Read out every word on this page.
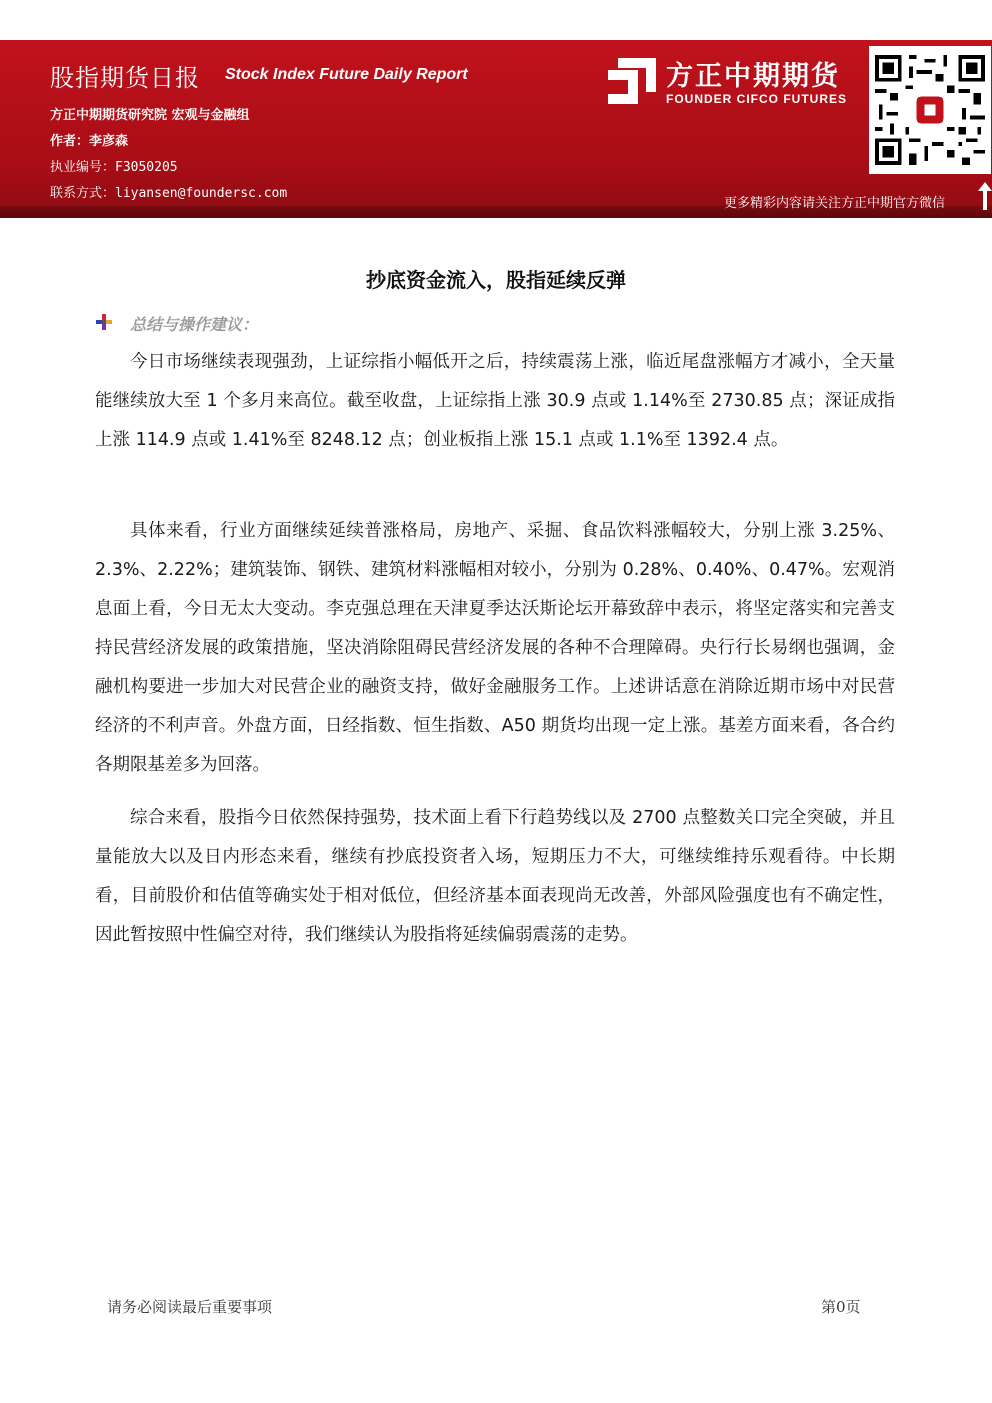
股指期货日报 Stock Index Future Daily Report
方正中期期货研究院 宏观与金融组
作者：李彦森
执业编号：F3050205
联系方式：liyansen@foundersc.com
方正中期期货
FOUNDER CIFCO FUTURES
更多精彩内容请关注方正中期官方微信
抄底资金流入，股指延续反弹
总结与操作建议：

今日市场继续表现强劲，上证综指小幅低开之后，持续震荡上涨，临近尾盘涨幅方才减小，全天量能继续放大至 1 个多月来高位。截至收盘，上证综指上涨 30.9 点或 1.14%至 2730.85 点；深证成指上涨 114.9 点或 1.41%至 8248.12 点；创业板指上涨 15.1 点或 1.1%至 1392.4 点。

具体来看，行业方面继续延续普涨格局，房地产、采掘、食品饮料涨幅较大，分别上涨 3.25%、2.3%、2.22%；建筑装饰、钢铁、建筑材料涨幅相对较小，分别为 0.28%、0.40%、0.47%。宏观消息面上看，今日无太大变动。李克强总理在天津夏季达沃斯论坛开幕致辞中表示，将坚定落实和完善支持民营经济发展的政策措施，坚决消除阻碍民营经济发展的各种不合理障碍。央行行长易纲也强调，金融机构要进一步加大对民营企业的融资支持，做好金融服务工作。上述讲话意在消除近期市场中对民营经济的不利声音。外盘方面，日经指数、恒生指数、A50 期货均出现一定上涨。基差方面来看，各合约各期限基差多为回落。

综合来看，股指今日依然保持强势，技术面上看下行趋势线以及 2700 点整数关口完全突破，并且量能放大以及日内形态来看，继续有抄底投资者入场，短期压力不大，可继续维持乐观看待。中长期看，目前股价和估值等确实处于相对低位，但经济基本面表现尚无改善，外部风险强度也有不确定性，因此暂按照中性偏空对待，我们继续认为股指将延续偏弱震荡的走势。

请务必阅读最后重要事项	第0页
